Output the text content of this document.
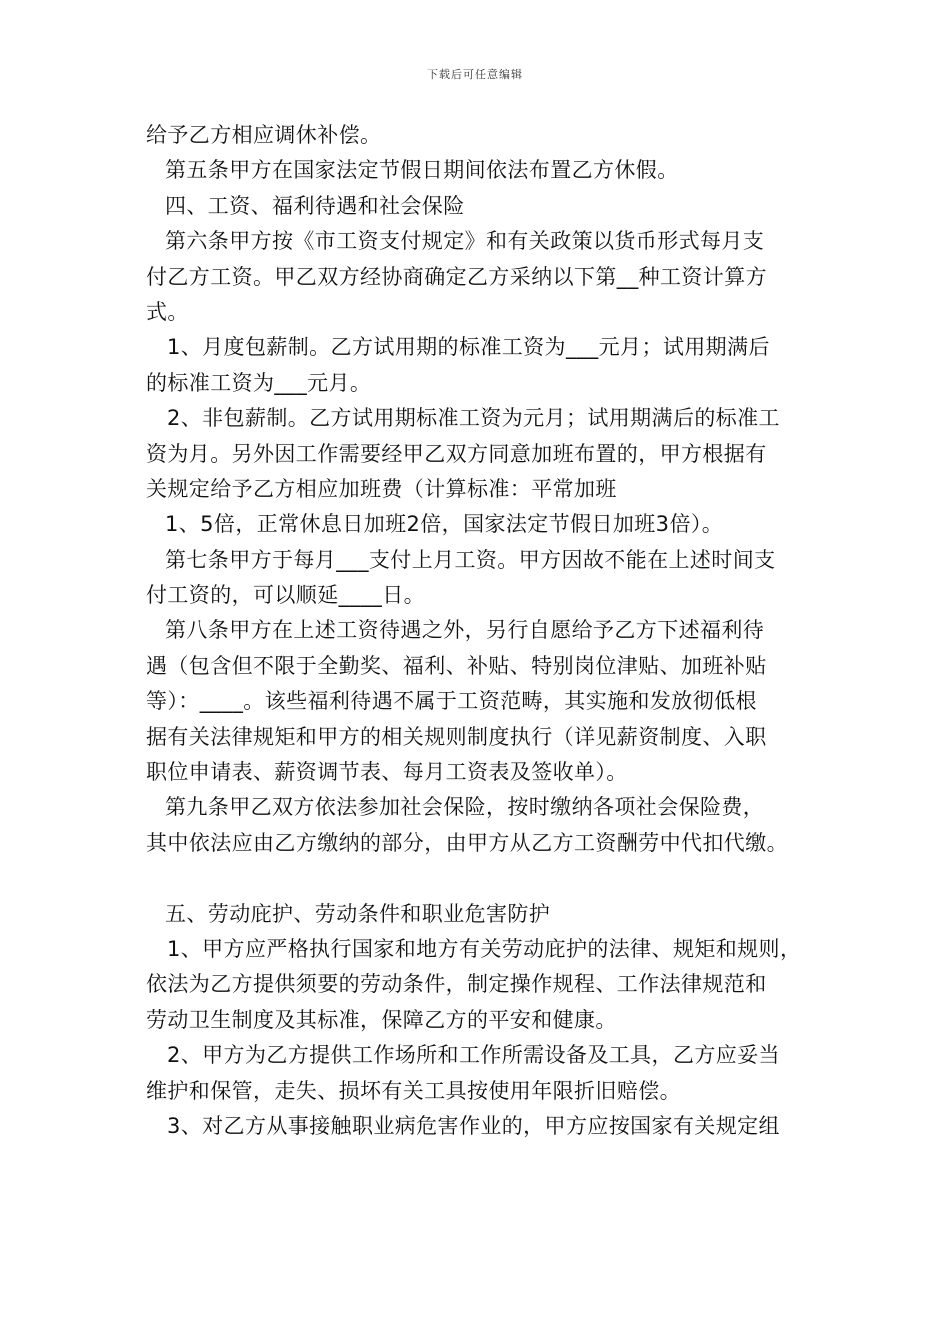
下载后可任意编辑
给予乙方相应调休补偿。
第五条甲方在国家法定节假日期间依法布置乙方休假。
四、工资、福利待遇和社会保险
第六条甲方按《市工资支付规定》和有关政策以货币形式每月支
付乙方工资。甲乙双方经协商确定乙方采纳以下第__种工资计算方
式。
1、月度包薪制。乙方试用期的标准工资为___元月；试用期满后
的标准工资为___元月。
2、非包薪制。乙方试用期标准工资为元月；试用期满后的标准工
资为月。另外因工作需要经甲乙双方同意加班布置的，甲方根据有
关规定给予乙方相应加班费（计算标准：平常加班
1、5倍，正常休息日加班2倍，国家法定节假日加班3倍）。
第七条甲方于每月___支付上月工资。甲方因故不能在上述时间支
付工资的，可以顺延____日。
第八条甲方在上述工资待遇之外，另行自愿给予乙方下述福利待
遇（包含但不限于全勤奖、福利、补贴、特别岗位津贴、加班补贴
等）：____。该些福利待遇不属于工资范畴，其实施和发放彻低根
据有关法律规矩和甲方的相关规则制度执行（详见薪资制度、入职
职位申请表、薪资调节表、每月工资表及签收单）。
第九条甲乙双方依法参加社会保险，按时缴纳各项社会保险费，
其中依法应由乙方缴纳的部分，由甲方从乙方工资酬劳中代扣代缴。
五、劳动庇护、劳动条件和职业危害防护
1、甲方应严格执行国家和地方有关劳动庇护的法律、规矩和规则，
依法为乙方提供须要的劳动条件，制定操作规程、工作法律规范和
劳动卫生制度及其标准，保障乙方的平安和健康。
2、甲方为乙方提供工作场所和工作所需设备及工具，乙方应妥当
维护和保管，走失、损坏有关工具按使用年限折旧赔偿。
3、对乙方从事接触职业病危害作业的，甲方应按国家有关规定组
